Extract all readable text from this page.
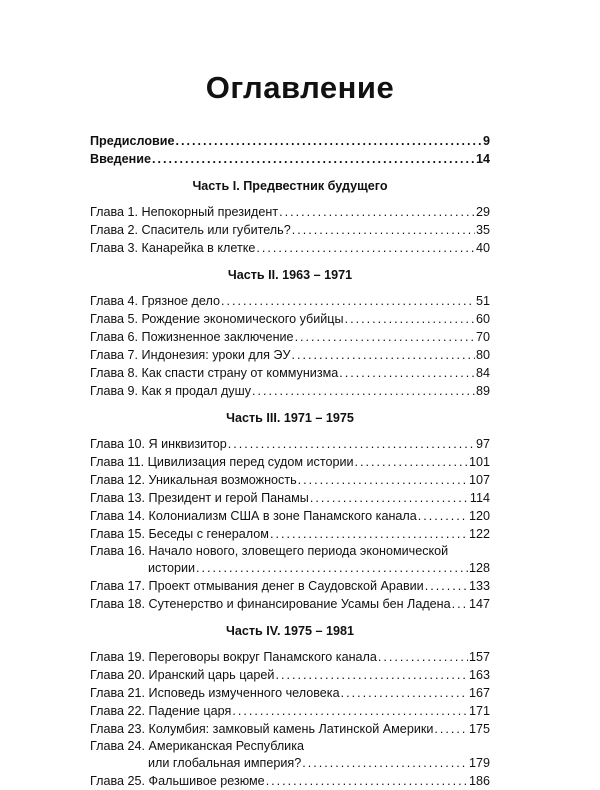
Оглавление
Предисловие .....	9
Введение .....	14
Часть I. Предвестник будущего
Глава 1. Непокорный президент .....	29
Глава 2. Спаситель или губитель? .....	35
Глава 3. Канарейка в клетке .....	40
Часть II. 1963 – 1971
Глава 4. Грязное дело .....	51
Глава 5. Рождение экономического убийцы .....	60
Глава 6. Пожизненное заключение .....	70
Глава 7. Индонезия: уроки для ЭУ .....	80
Глава 8. Как спасти страну от коммунизма .....	84
Глава 9. Как я продал душу .....	89
Часть III. 1971 – 1975
Глава 10. Я инквизитор .....	97
Глава 11. Цивилизация перед судом истории .....	101
Глава 12. Уникальная возможность .....	107
Глава 13. Президент и герой Панамы .....	114
Глава 14. Колониализм США в зоне Панамского канала .....	120
Глава 15. Беседы с генералом .....	122
Глава 16. Начало нового, зловещего периода экономической
истории .....	128
Глава 17. Проект отмывания денег в Саудовской Аравии .....	133
Глава 18. Сутенерство и финансирование Усамы бен Ладена ..... 147
Часть IV. 1975 – 1981
Глава 19. Переговоры вокруг Панамского канала .....	157
Глава 20. Иранский царь царей .....	163
Глава 21. Исповедь измученного человека .....	167
Глава 22. Падение царя .....	171
Глава 23. Колумбия: замковый камень Латинской Америки .....	175
Глава 24. Американская Республика
или глобальная империя? .....	179
Глава 25. Фальшивое резюме .....	186
